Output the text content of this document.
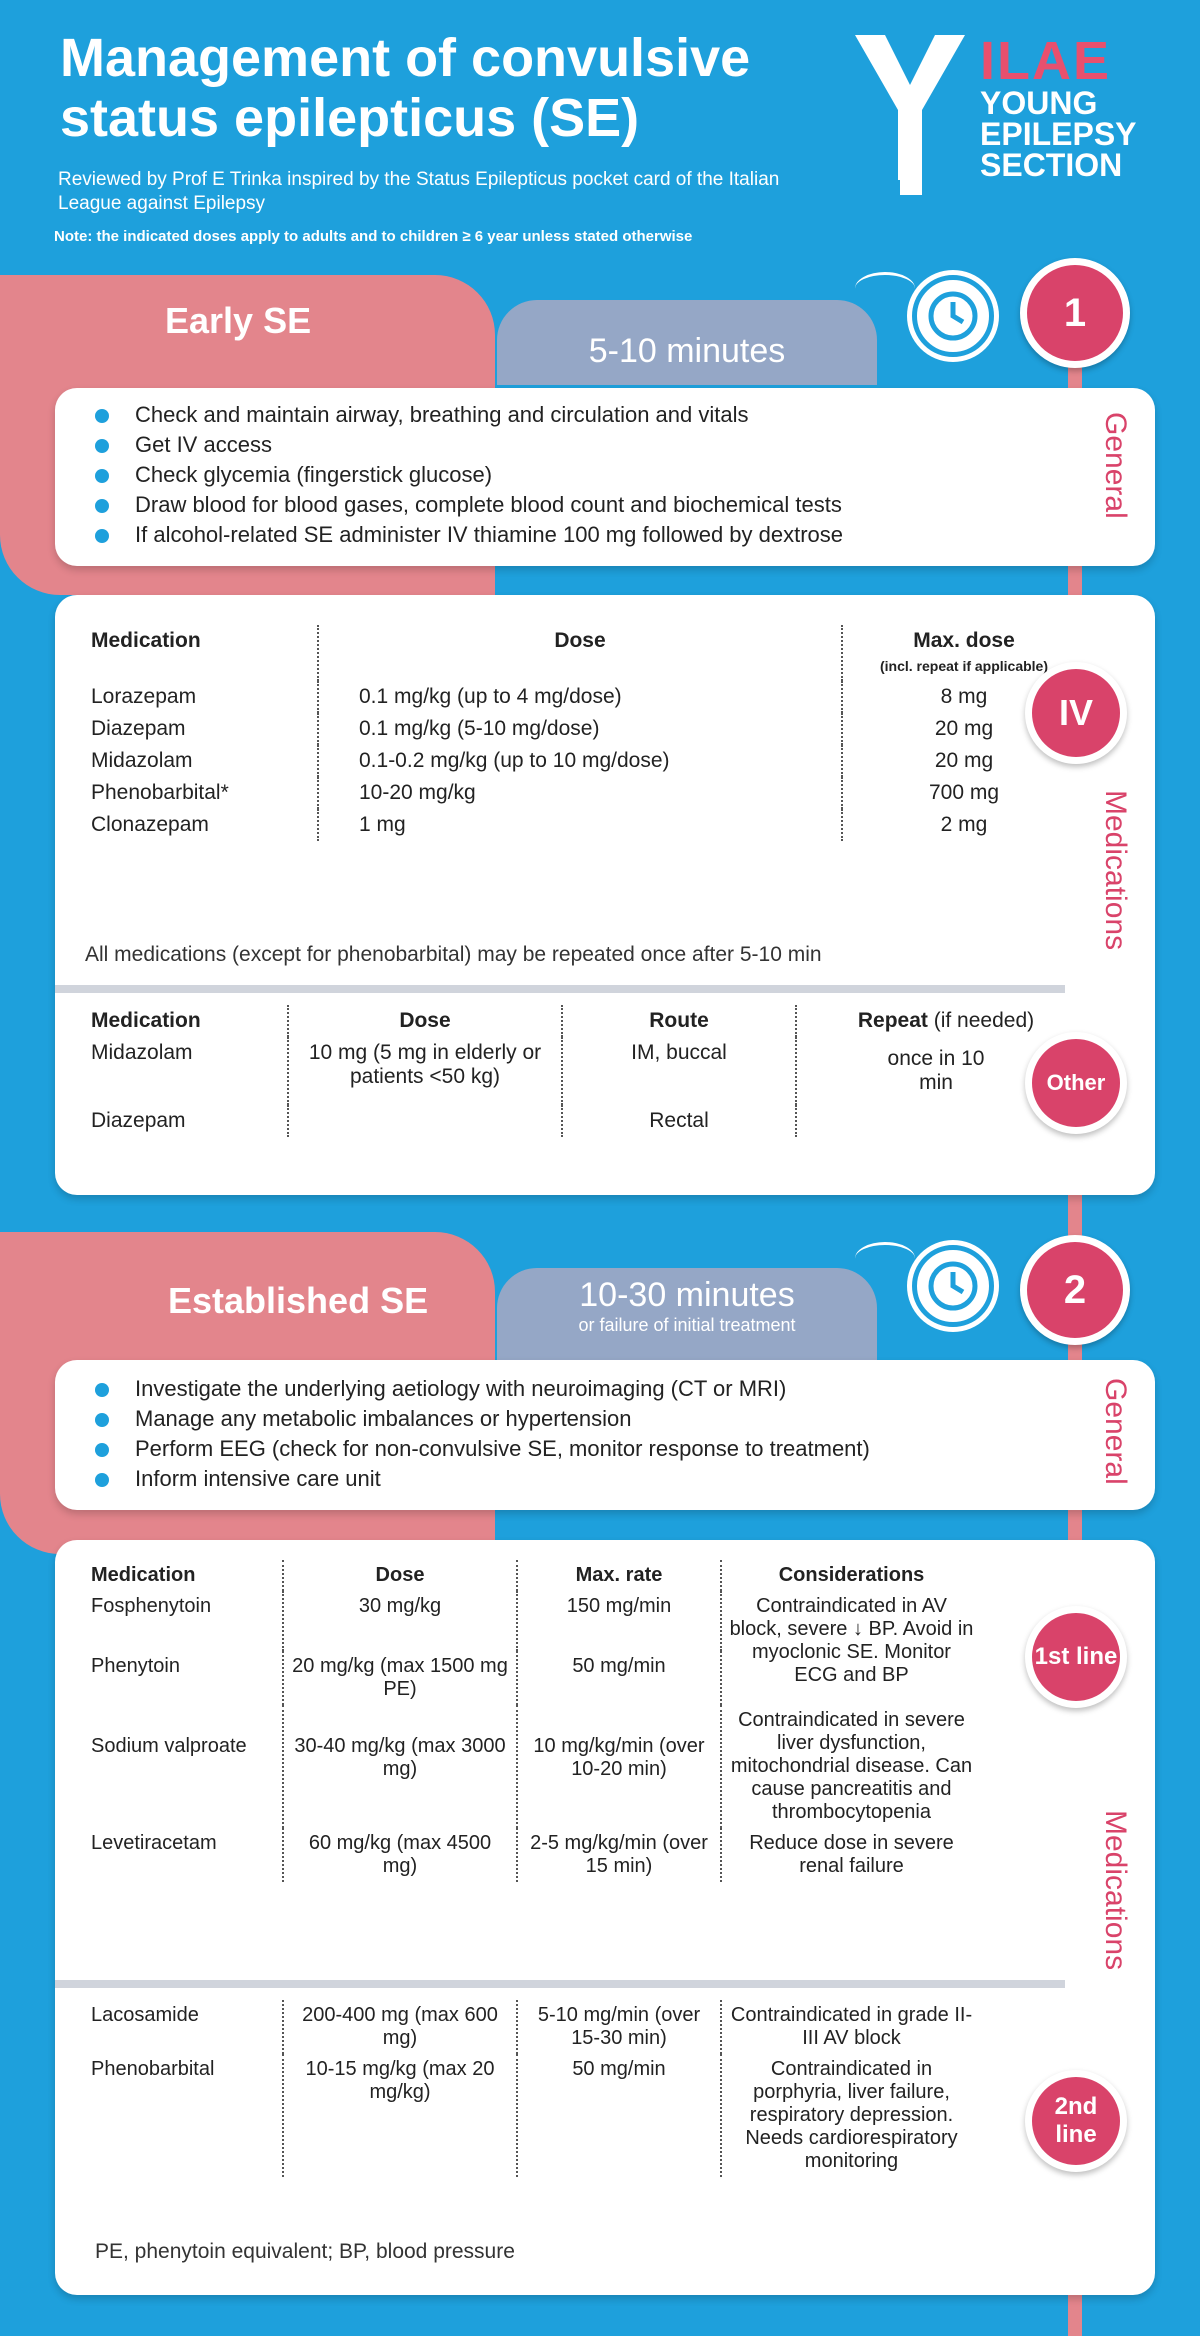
Management of convulsive status epilepticus (SE)
Reviewed by Prof E Trinka inspired by the Status Epilepticus pocket card of the Italian League against Epilepsy
Note: the indicated doses apply to adults and to children ≥ 6 year unless stated otherwise
ILAE
YOUNG EPILEPSY SECTION
Early SE
5-10 minutes
1
Check and maintain airway, breathing and circulation and vitals
Get IV access
Check glycemia (fingerstick glucose)
Draw blood for blood gases, complete blood count and biochemical tests
If alcohol-related SE administer IV thiamine 100 mg followed by dextrose
General
Medication	Dose	Max. dose
(incl. repeat if applicable)
Lorazepam	0.1 mg/kg (up to 4 mg/dose)	8 mg
Diazepam	0.1 mg/kg (5-10 mg/dose)	20 mg
Midazolam	0.1-0.2 mg/kg (up to 10 mg/dose)	20 mg
Phenobarbital*	10-20 mg/kg	700 mg
Clonazepam	1 mg	2 mg
All medications (except for phenobarbital) may be repeated once after 5-10 min
Medication	Dose	Route	Repeat (if needed)
Midazolam	10 mg (5 mg in elderly or patients <50 kg)	IM, buccal	once in 10 min
Diazepam		Rectal	
IV
Other
Medications
Established SE	10-30 minutes
or failure of initial treatment
2
Investigate the underlying aetiology with neuroimaging (CT or MRI)
Manage any metabolic imbalances or hypertension
Perform EEG (check for non-convulsive SE, monitor response to treatment)
Inform intensive care unit	General
Medication	Dose	Max. rate	Considerations
Fosphenytoin	30 mg/kg	150 mg/min	Contraindicated in AV block, severe ↓ BP. Avoid in myoclonic SE. Monitor ECG and BP
Phenytoin	20 mg/kg (max 1500 mg PE)	50 mg/min	
Sodium valproate	30-40 mg/kg (max 3000 mg)	10 mg/kg/min (over 10-20 min)	Contraindicated in severe liver dysfunction, mitochondrial disease. Can cause pancreatitis and thrombocytopenia
Levetiracetam	60 mg/kg (max 4500 mg)	2-5 mg/kg/min (over 15 min)	Reduce dose in severe renal failure
Lacosamide	200-400 mg (max 600 mg)	5-10 mg/min (over 15-30 min)	Contraindicated in grade II-III AV block
Phenobarbital	10-15 mg/kg (max 20 mg/kg)	50 mg/min	Contraindicated in porphyria, liver failure, respiratory depression. Needs cardiorespiratory monitoring
PE, phenytoin equivalent; BP, blood pressure
1st line
2nd line
Medications
